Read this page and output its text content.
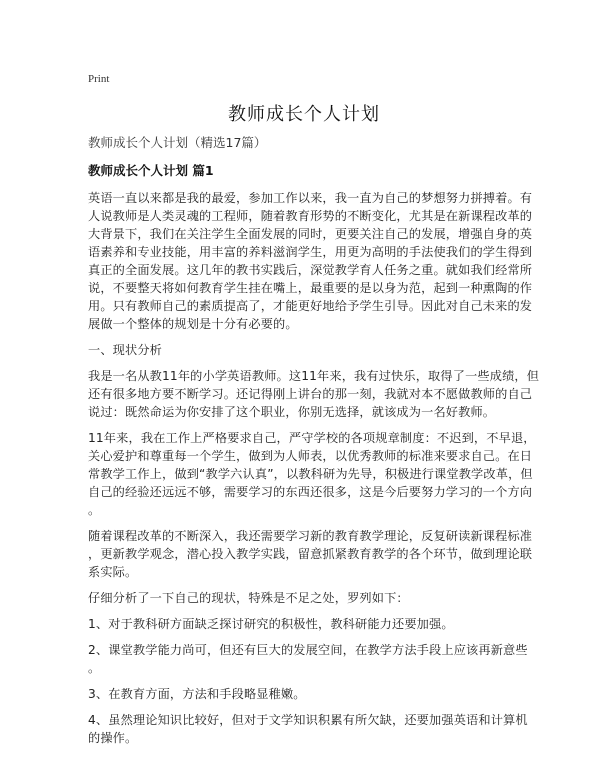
Print
教师成长个人计划
教师成长个人计划（精选17篇）
教师成长个人计划 篇1
英语一直以来都是我的最爱，参加工作以来，我一直为自己的梦想努力拼搏着。有
人说教师是人类灵魂的工程师，随着教育形势的不断变化，尤其是在新课程改革的
大背景下，我们在关注学生全面发展的同时，更要关注自己的发展，增强自身的英
语素养和专业技能，用丰富的养料滋润学生，用更为高明的手法使我们的学生得到
真正的全面发展。这几年的教书实践后，深觉教学育人任务之重。就如我们经常所
说，不要整天将如何教育学生挂在嘴上，最重要的是以身为范，起到一种熏陶的作
用。只有教师自己的素质提高了，才能更好地给予学生引导。因此对自己未来的发
展做一个整体的规划是十分有必要的。
一、现状分析
我是一名从教11年的小学英语教师。这11年来，我有过快乐，取得了一些成绩，但
还有很多地方要不断学习。还记得刚上讲台的那一刻，我就对本不愿做教师的自己
说过：既然命运为你安排了这个职业，你别无选择，就该成为一名好教师。
11年来，我在工作上严格要求自己，严守学校的各项规章制度：不迟到，不早退，
关心爱护和尊重每一个学生，做到为人师表，以优秀教师的标准来要求自己。在日
常教学工作上，做到“教学六认真”，以教科研为先导，积极进行课堂教学改革，但
自己的经验还远远不够，需要学习的东西还很多，这是今后要努力学习的一个方向
。
随着课程改革的不断深入，我还需要学习新的教育教学理论，反复研读新课程标准
，更新教学观念，潜心投入教学实践，留意抓紧教育教学的各个环节，做到理论联
系实际。
仔细分析了一下自己的现状，特殊是不足之处，罗列如下：
1、对于教科研方面缺乏探讨研究的积极性，教科研能力还要加强。
2、课堂教学能力尚可，但还有巨大的发展空间，在教学方法手段上应该再新意些
。
3、在教育方面，方法和手段略显稚嫩。
4、虽然理论知识比较好，但对于文学知识积累有所欠缺，还要加强英语和计算机
的操作。
